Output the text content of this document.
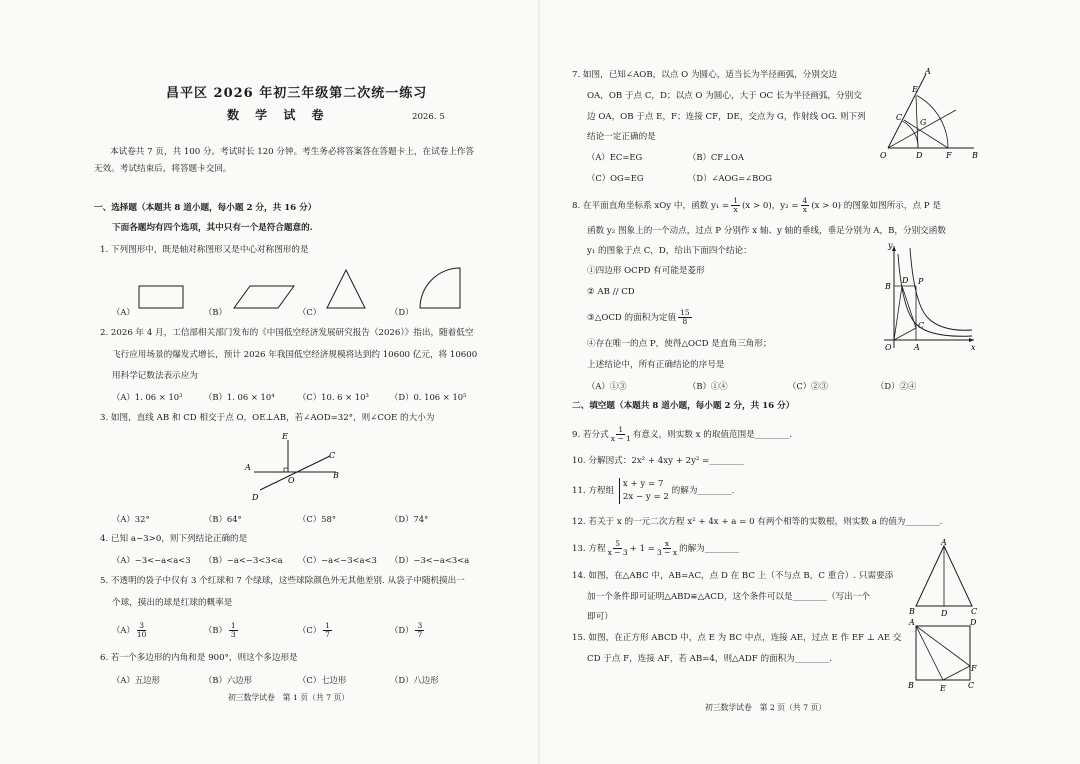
昌平区 2026 年初三年级第二次统一练习
数 学 试 卷	2026. 5
本试卷共 7 页，共 100 分。考试时长 120 分钟。考生务必将答案答在答题卡上，在试卷上作答
无效。考试结束后，将答题卡交回。
一、选择题（本题共 8 道小题，每小题 2 分，共 16 分）
下面各题均有四个选项，其中只有一个是符合题意的.
1. 下列图形中，既是轴对称图形又是中心对称图形的是
（A）	（B）	（C）	（D）
2. 2026 年 4 月，工信部相关部门发布的《中国低空经济发展研究报告（2026）》指出，随着低空
飞行应用场景的爆发式增长，预计 2026 年我国低空经济规模将达到约 10600 亿元，将 10600
用科学记数法表示应为
（A）1. 06 × 10³	（B）1. 06 × 10⁴	（C）10. 6 × 10³	（D）0. 106 × 10⁵
3. 如图，直线 AB 和 CD 相交于点 O，OE⊥AB，若∠AOD=32°，则∠COE 的大小为
E
A
B
C
D
O
（A）32°	（B）64°	（C）58°	（D）74°
4. 已知 a−3>0，则下列结论正确的是
（A）−3<−a<a<3 （B）−a<−3<3<a （C）−a<−3<a<3 （D）−3<−a<3<a
5. 不透明的袋子中仅有 3 个红球和 7 个绿球，这些球除颜色外无其他差别. 从袋子中随机摸出一
个球，摸出的球是红球的概率是
$(A) \frac{3}{10}$	$(B) \frac{1}{3}$	$(C) \frac{1}{7}$	$(D) \frac{3}{7}$
6. 若一个多边形的内角和是 900°，则这个多边形是
（A）五边形	（B）六边形	（C）七边形	（D）八边形
初三数学试卷　第 1 页（共 7 页）
7. 如图，已知∠AOB，以点 O 为圆心，适当长为半径画弧，分别交边
OA，OB 于点 C，D；以点 O 为圆心，大于 OC 长为半径画弧，分别交
边 OA，OB 于点 E，F；连接 CF，DE，交点为 G，作射线 OG. 则下列
结论一定正确的是
（A）EC=EG	（B）CF⊥OA
（C）OG=EG	（D）∠AOG=∠BOG
A
E
C
G
O	D	F	B
8. 在平面直角坐标系 xOy 中，函数 $y_1 = \frac{1}{x} (x > 0)$，$y_2 = \frac{4}{x} (x > 0)$ 的图象如图所示，点 P 是
函数 y₂ 图象上的一个动点，过点 P 分别作 x 轴、y 轴的垂线，垂足分别为 A，B，分别交函数
y₁ 的图象于点 C，D，给出下面四个结论：
①四边形 OCPD 有可能是菱形
② AB // CD
③△OCD 的面积为定值 $\frac{15}{8}$
④存在唯一的点 P，使得△OCD 是直角三角形；
上述结论中，所有正确结论的序号是
（A）①③	（B）①④	（C）②③	（D）②④
y
x
O	A
B
D P
C
二、填空题（本题共 8 道小题，每小题 2 分，共 16 分）
9. 若分式 $\frac{1}{x - 1}$ 有意义，则实数 x 的取值范围是________.
10. 分解因式：2x² + 4xy + 2y² =________
11. 方程组
x + y = 7
2x − y = 2
的解为________.
12. 若关于 x 的一元二次方程 x² + 4x + a = 0 有两个相等的实数根，则实数 a 的值为________.
13. 方程 $\frac{5}{x - 3} + 1 = \frac{x}{3 - x}$ 的解为________
14. 如图，在△ABC 中，AB=AC，点 D 在 BC 上（不与点 B，C 重合）. 只需要添
加一个条件即可证明△ABD≌△ACD，这个条件可以是________（写出一个
即可）
A
B	D	C
15. 如图，在正方形 ABCD 中，点 E 为 BC 中点，连接 AE，过点 E 作 EF ⊥ AE 交
CD 于点 F，连接 AF，若 AB=4，则△ADF 的面积为________.
A	D
F
B	E	C
初三数学试卷　第 2 页（共 7 页）
